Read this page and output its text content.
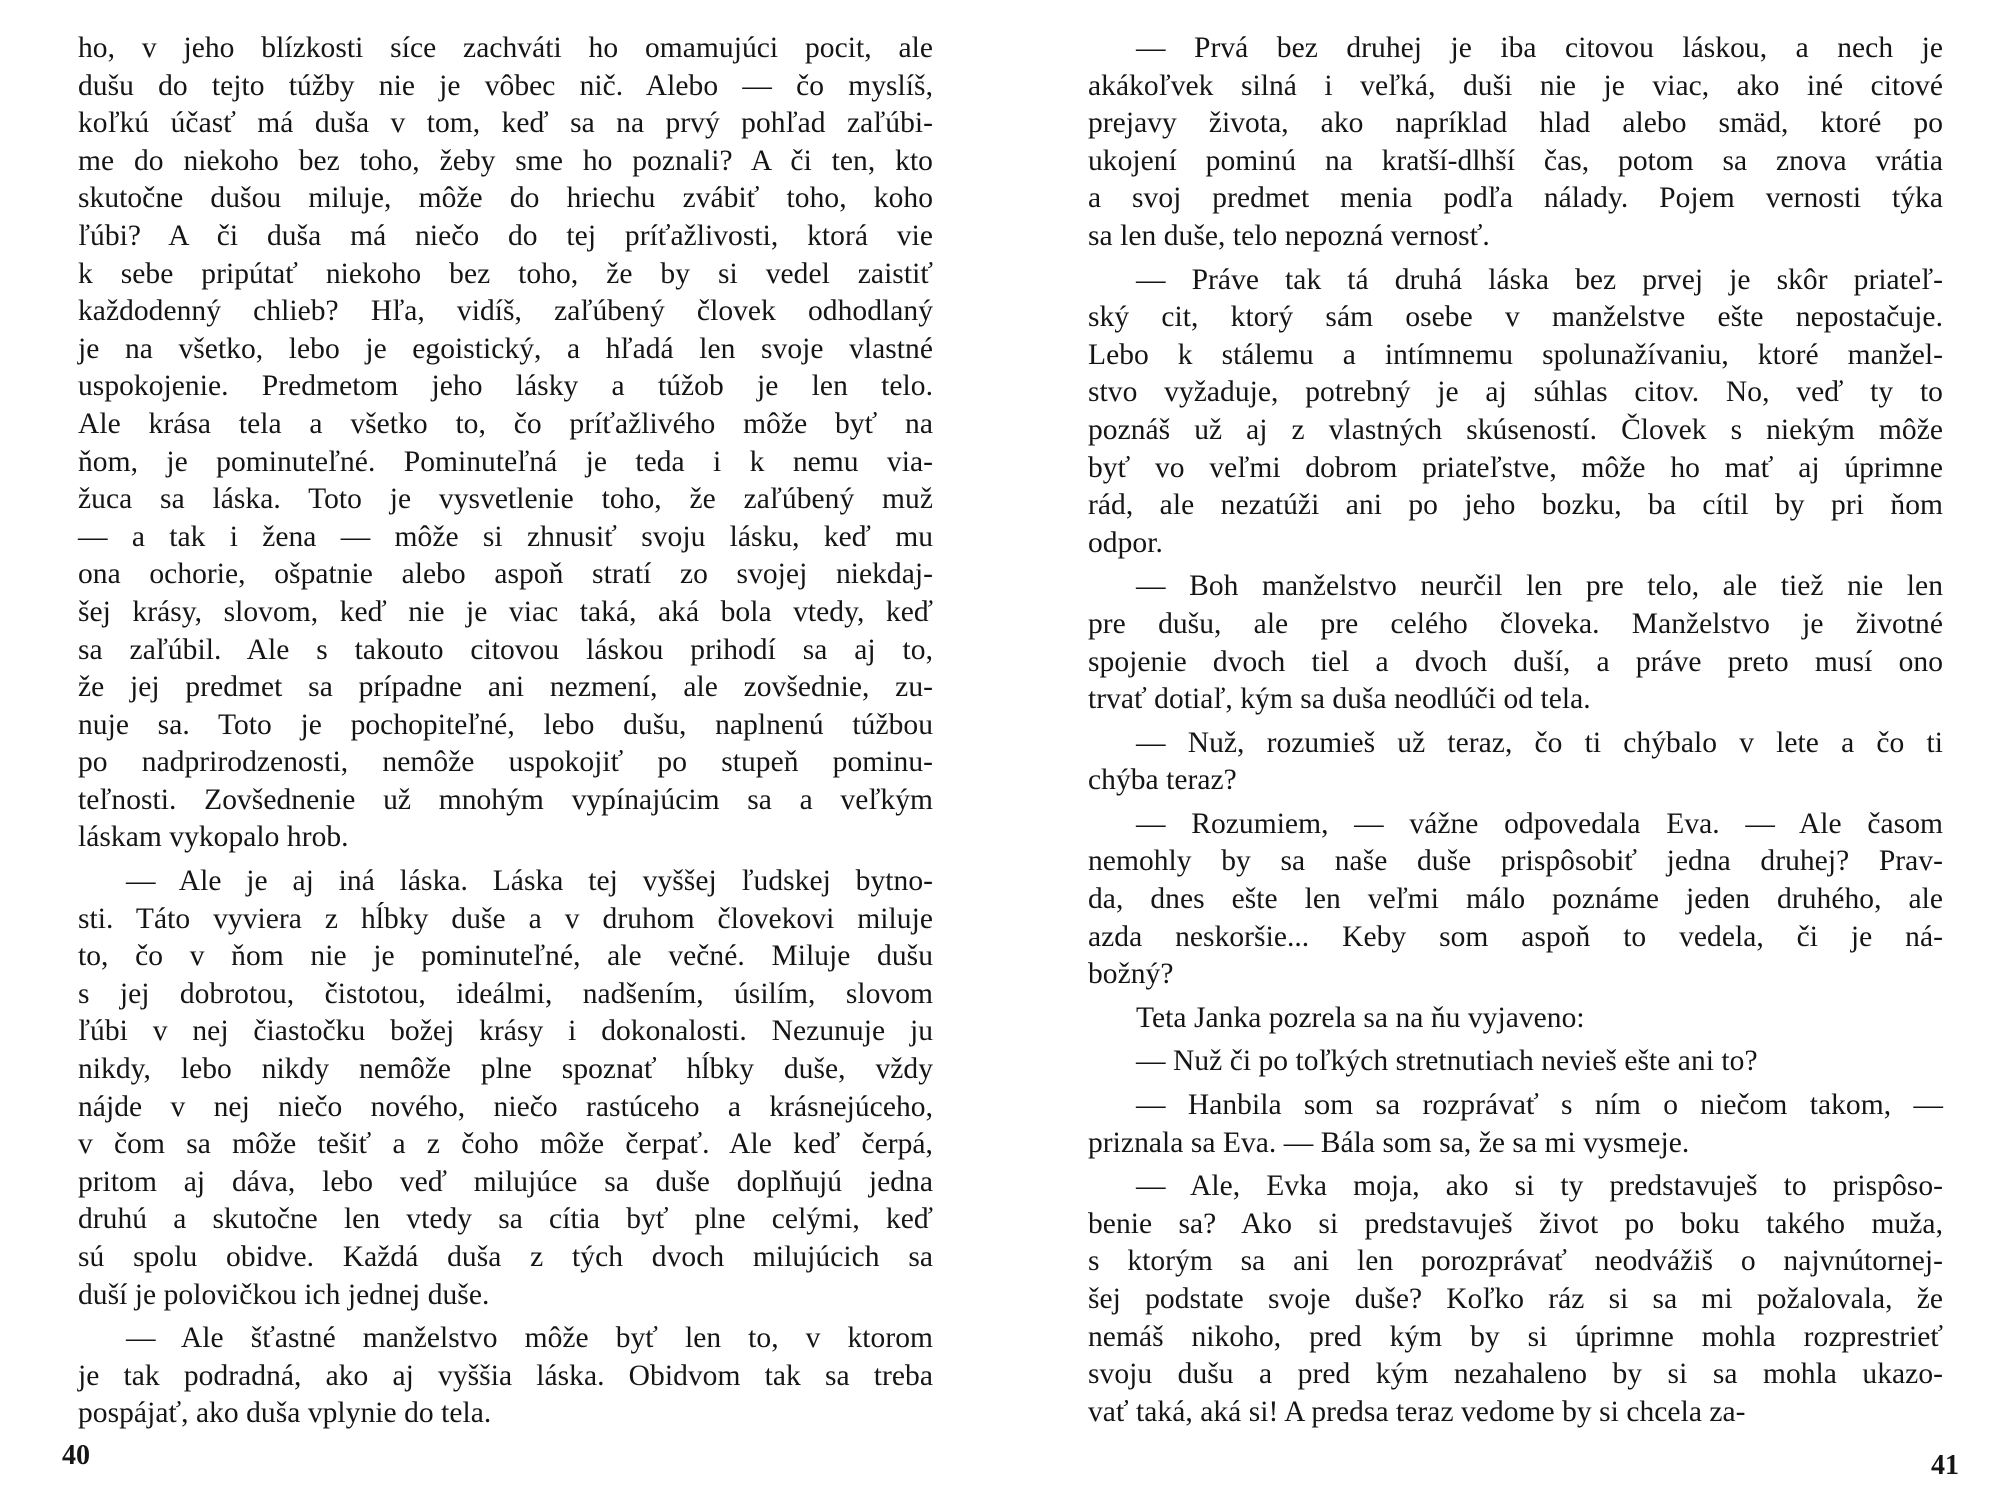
ho, v jeho blízkosti síce zachváti ho omamujúci pocit, ale
dušu do tejto túžby nie je vôbec nič. Alebo — čo myslíš,
koľkú účasť má duša v tom, keď sa na prvý pohľad zaľúbi-
me do niekoho bez toho, žeby sme ho poznali? A či ten, kto
skutočne dušou miluje, môže do hriechu zvábiť toho, koho
ľúbi? A či duša má niečo do tej príťažlivosti, ktorá vie
k sebe pripútať niekoho bez toho, že by si vedel zaistiť
každodenný chlieb? Hľa, vidíš, zaľúbený človek odhodlaný
je na všetko, lebo je egoistický, a hľadá len svoje vlastné
uspokojenie. Predmetom jeho lásky a túžob je len telo.
Ale krása tela a všetko to, čo príťažlivého môže byť na
ňom, je pominuteľné. Pominuteľná je teda i k nemu via-
žuca sa láska. Toto je vysvetlenie toho, že zaľúbený muž
— a tak i žena — môže si zhnusiť svoju lásku, keď mu
ona ochorie, ošpatnie alebo aspoň stratí zo svojej niekdaj-
šej krásy, slovom, keď nie je viac taká, aká bola vtedy, keď
sa zaľúbil. Ale s takouto citovou láskou prihodí sa aj to,
že jej predmet sa prípadne ani nezmení, ale zovšednie, zu-
nuje sa. Toto je pochopiteľné, lebo dušu, naplnenú túžbou
po nadprirodzenosti, nemôže uspokojiť po stupeň pominu-
teľnosti. Zovšednenie už mnohým vypínajúcim sa a veľkým
láskam vykopalo hrob.
— Ale je aj iná láska. Láska tej vyššej ľudskej bytno-
sti. Táto vyviera z hĺbky duše a v druhom človekovi miluje
to, čo v ňom nie je pominuteľné, ale večné. Miluje dušu
s jej dobrotou, čistotou, ideálmi, nadšením, úsilím, slovom
ľúbi v nej čiastočku božej krásy i dokonalosti. Nezunuje ju
nikdy, lebo nikdy nemôže plne spoznať hĺbky duše, vždy
nájde v nej niečo nového, niečo rastúceho a krásnejúceho,
v čom sa môže tešiť a z čoho môže čerpať. Ale keď čerpá,
pritom aj dáva, lebo veď milujúce sa duše doplňujú jedna
druhú a skutočne len vtedy sa cítia byť plne celými, keď
sú spolu obidve. Každá duša z tých dvoch milujúcich sa
duší je polovičkou ich jednej duše.
— Ale šťastné manželstvo môže byť len to, v ktorom
je tak podradná, ako aj vyššia láska. Obidvom tak sa treba
pospájať, ako duša vplynie do tela.
40
— Prvá bez druhej je iba citovou láskou, a nech je
akákoľvek silná i veľká, duši nie je viac, ako iné citové
prejavy života, ako napríklad hlad alebo smäd, ktoré po
ukojení pominú na kratší-dlhší čas, potom sa znova vrátia
a svoj predmet menia podľa nálady. Pojem vernosti týka
sa len duše, telo nepozná vernosť.
— Práve tak tá druhá láska bez prvej je skôr priateľ-
ský cit, ktorý sám osebe v manželstve ešte nepostačuje.
Lebo k stálemu a intímnemu spolunažívaniu, ktoré manžel-
stvo vyžaduje, potrebný je aj súhlas citov. No, veď ty to
poznáš už aj z vlastných skúseností. Človek s niekým môže
byť vo veľmi dobrom priateľstve, môže ho mať aj úprimne
rád, ale nezatúži ani po jeho bozku, ba cítil by pri ňom
odpor.
— Boh manželstvo neurčil len pre telo, ale tiež nie len
pre dušu, ale pre celého človeka. Manželstvo je životné
spojenie dvoch tiel a dvoch duší, a práve preto musí ono
trvať dotiaľ, kým sa duša neodlúči od tela.
— Nuž, rozumieš už teraz, čo ti chýbalo v lete a čo ti
chýba teraz?
— Rozumiem, — vážne odpovedala Eva. — Ale časom
nemohly by sa naše duše prispôsobiť jedna druhej? Prav-
da, dnes ešte len veľmi málo poznáme jeden druhého, ale
azda neskoršie... Keby som aspoň to vedela, či je ná-
božný?
Teta Janka pozrela sa na ňu vyjaveno:
— Nuž či po toľkých stretnutiach nevieš ešte ani to?
— Hanbila som sa rozprávať s ním o niečom takom, —
priznala sa Eva. — Bála som sa, že sa mi vysmeje.
— Ale, Evka moja, ako si ty predstavuješ to prispôso-
benie sa? Ako si predstavuješ život po boku takého muža,
s ktorým sa ani len porozprávať neodvážiš o najvnútornej-
šej podstate svoje duše? Koľko ráz si sa mi požalovala, že
nemáš nikoho, pred kým by si úprimne mohla rozprestrieť
svoju dušu a pred kým nezahaleno by si sa mohla ukazo-
vať taká, aká si! A predsa teraz vedome by si chcela za-
41
